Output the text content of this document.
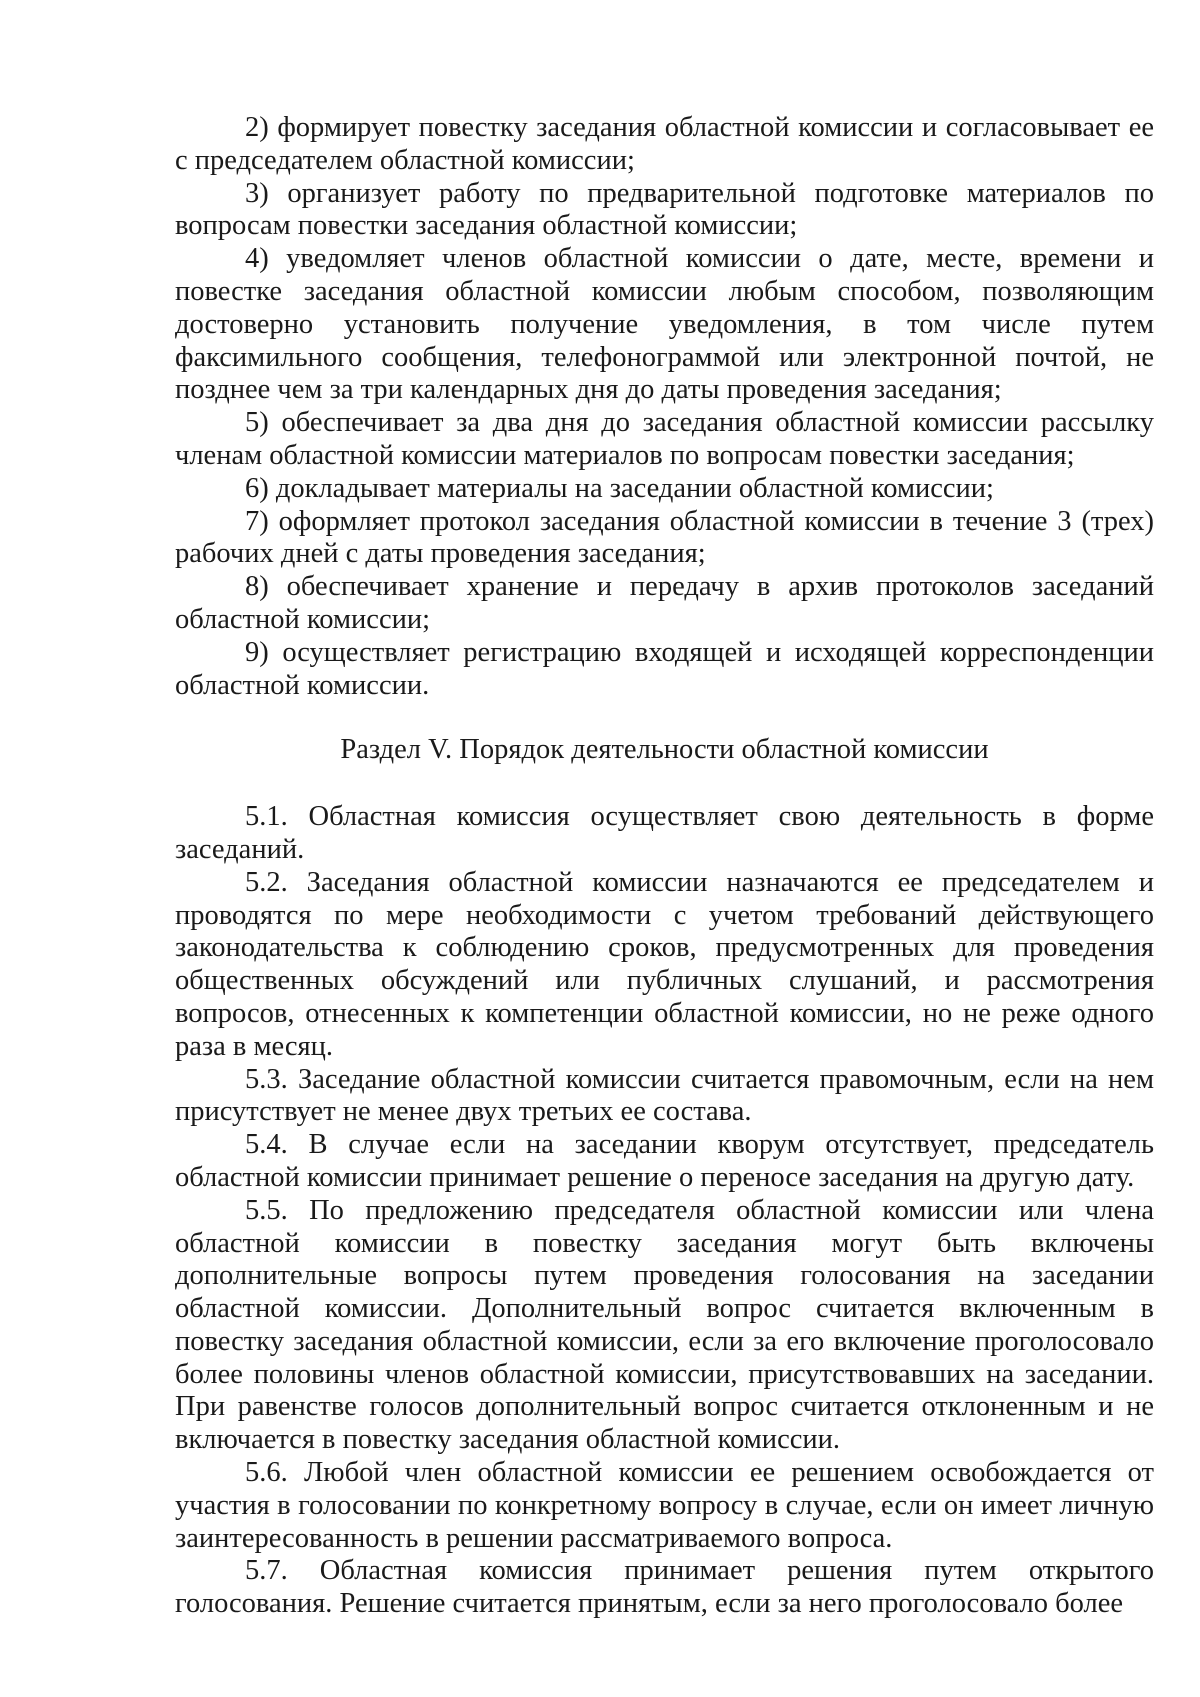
2) формирует повестку заседания областной комиссии и согласовывает ее с председателем областной комиссии;

3) организует работу по предварительной подготовке материалов по вопросам повестки заседания областной комиссии;

4) уведомляет членов областной комиссии о дате, месте, времени и повестке заседания областной комиссии любым способом, позволяющим достоверно установить получение уведомления, в том числе путем факсимильного сообщения, телефонограммой или электронной почтой, не позднее чем за три календарных дня до даты проведения заседания;

5) обеспечивает за два дня до заседания областной комиссии рассылку членам областной комиссии материалов по вопросам повестки заседания;

6) докладывает материалы на заседании областной комиссии;

7) оформляет протокол заседания областной комиссии в течение 3 (трех) рабочих дней с даты проведения заседания;

8) обеспечивает хранение и передачу в архив протоколов заседаний областной комиссии;

9) осуществляет регистрацию входящей и исходящей корреспонденции областной комиссии.

Раздел V. Порядок деятельности областной комиссии

5.1. Областная комиссия осуществляет свою деятельность в форме заседаний.

5.2. Заседания областной комиссии назначаются ее председателем и проводятся по мере необходимости с учетом требований действующего законодательства к соблюдению сроков, предусмотренных для проведения общественных обсуждений или публичных слушаний, и рассмотрения вопросов, отнесенных к компетенции областной комиссии, но не реже одного раза в месяц.

5.3. Заседание областной комиссии считается правомочным, если на нем присутствует не менее двух третьих ее состава.

5.4. В случае если на заседании кворум отсутствует, председатель областной комиссии принимает решение о переносе заседания на другую дату.

5.5. По предложению председателя областной комиссии или члена областной комиссии в повестку заседания могут быть включены дополнительные вопросы путем проведения голосования на заседании областной комиссии. Дополнительный вопрос считается включенным в повестку заседания областной комиссии, если за его включение проголосовало более половины членов областной комиссии, присутствовавших на заседании. При равенстве голосов дополнительный вопрос считается отклоненным и не включается в повестку заседания областной комиссии.

5.6. Любой член областной комиссии ее решением освобождается от участия в голосовании по конкретному вопросу в случае, если он имеет личную заинтересованность в решении рассматриваемого вопроса.

5.7. Областная комиссия принимает решения путем открытого голосования. Решение считается принятым, если за него проголосовало более
